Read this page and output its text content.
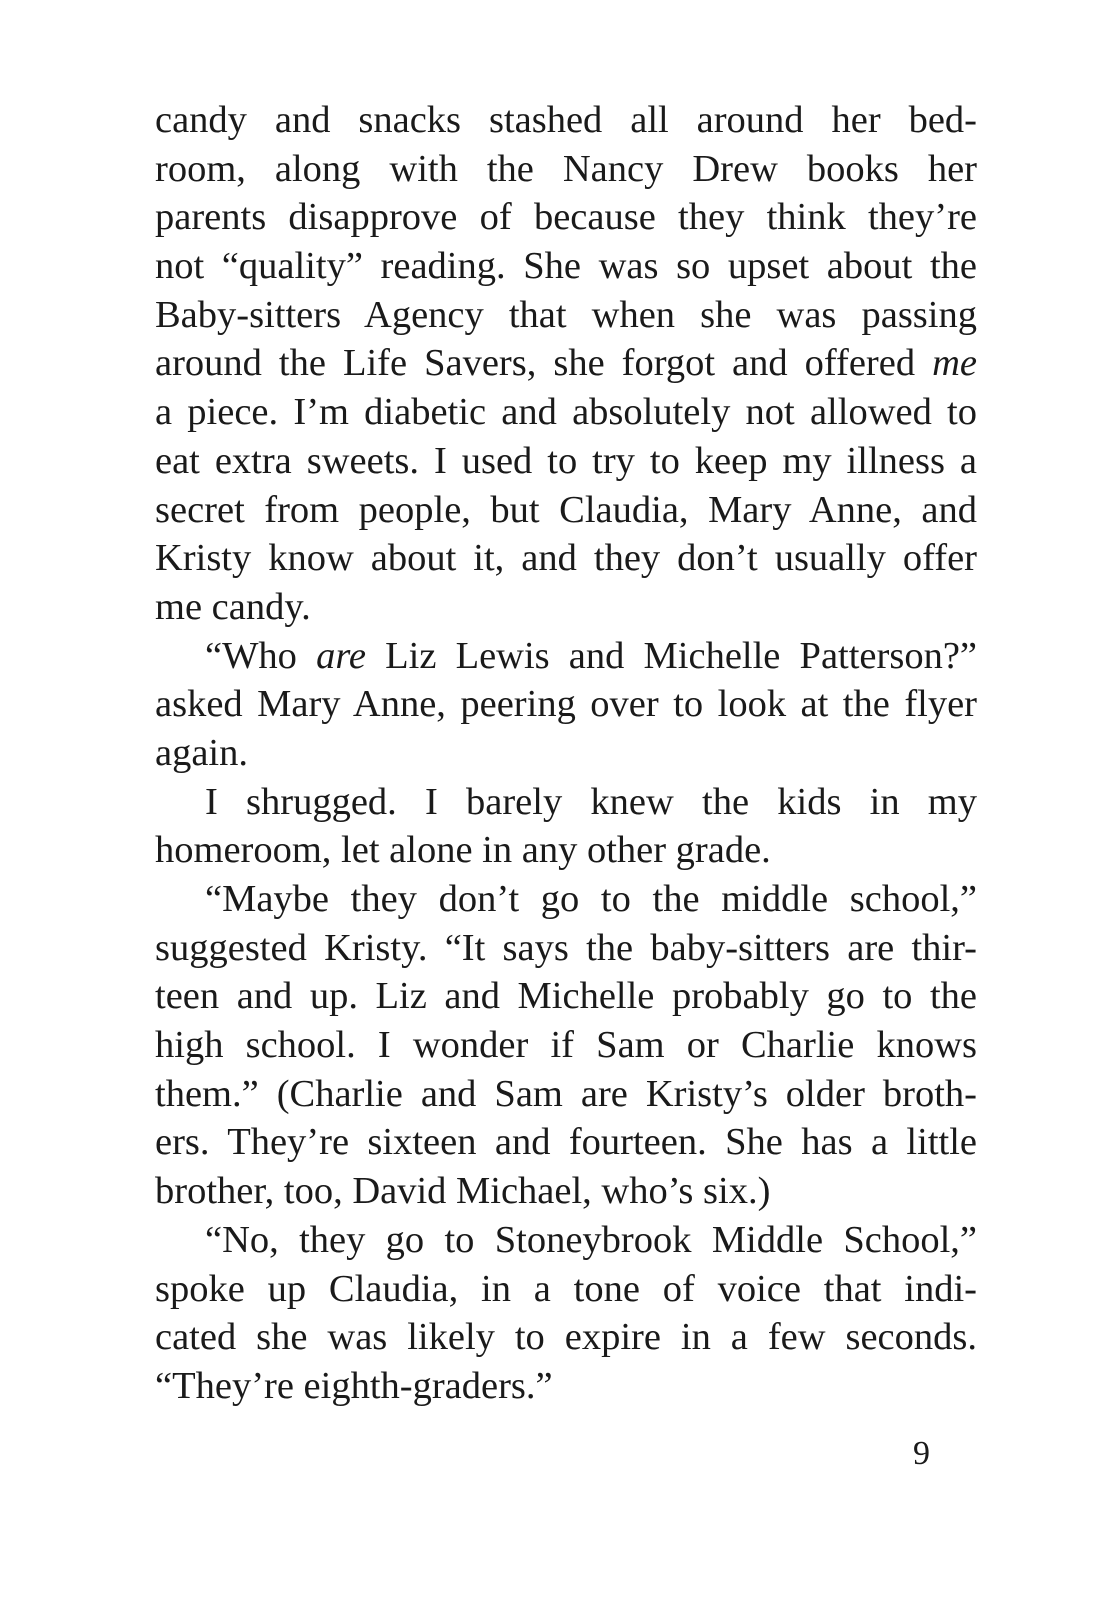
candy and snacks stashed all around her bed-
room, along with the Nancy Drew books her
parents disapprove of because they think they’re
not “quality” reading. She was so upset about the
Baby-sitters Agency that when she was passing
around the Life Savers, she forgot and offered me
a piece. I’m diabetic and absolutely not allowed to
eat extra sweets. I used to try to keep my illness a
secret from people, but Claudia, Mary Anne, and
Kristy know about it, and they don’t usually offer
me candy.
“Who are Liz Lewis and Michelle Patterson?”
asked Mary Anne, peering over to look at the flyer
again.
I shrugged. I barely knew the kids in my
homeroom, let alone in any other grade.
“Maybe they don’t go to the middle school,”
suggested Kristy. “It says the baby-sitters are thir-
teen and up. Liz and Michelle probably go to the
high school. I wonder if Sam or Charlie knows
them.” (Charlie and Sam are Kristy’s older broth-
ers. They’re sixteen and fourteen. She has a little
brother, too, David Michael, who’s six.)
“No, they go to Stoneybrook Middle School,”
spoke up Claudia, in a tone of voice that indi-
cated she was likely to expire in a few seconds.
“They’re eighth-graders.”
9
